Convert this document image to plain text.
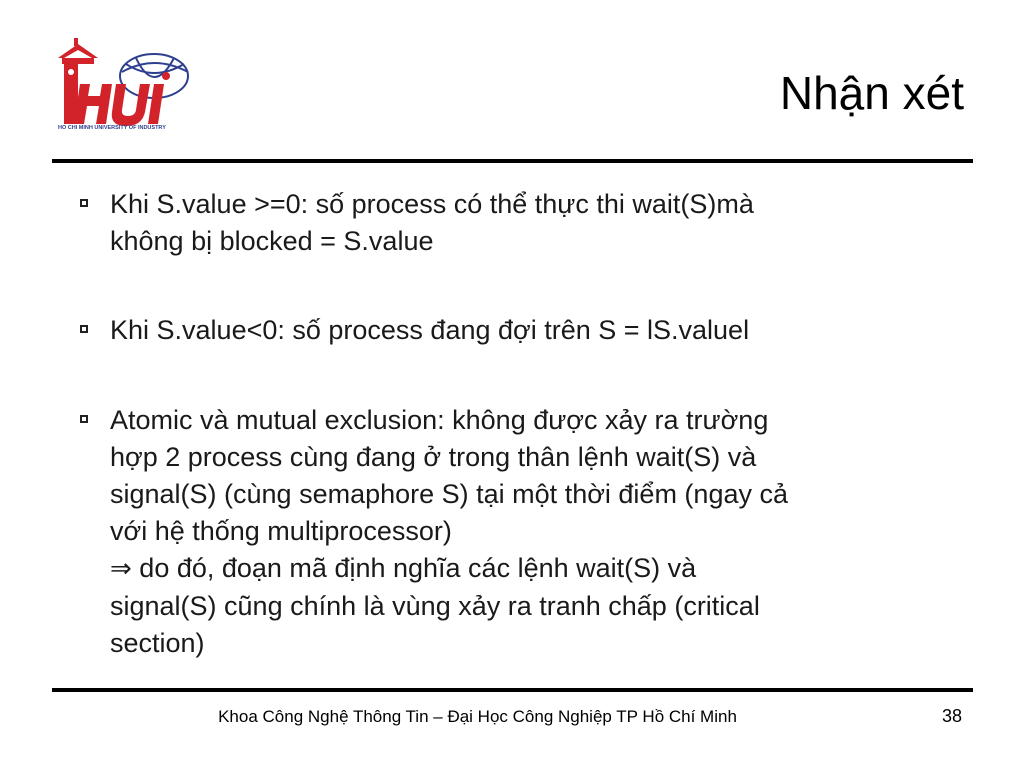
HO CHI MINH UNIVERSITY OF INDUSTRY
Nhận xét
Khi S.value >=0: số process có thể thực thi wait(S)mà
không bị blocked = S.value
Khi S.value<0: số process đang đợi trên S = lS.valuel
Atomic và mutual exclusion: không được xảy ra trường
hợp 2 process cùng đang ở trong thân lệnh wait(S) và
signal(S) (cùng semaphore S) tại một thời điểm (ngay cả
với hệ thống multiprocessor)
⇒ do đó, đoạn mã định nghĩa các lệnh wait(S) và
signal(S) cũng chính là vùng xảy ra tranh chấp (critical
section)
Khoa Công Nghệ Thông Tin – Đại Học Công Nghiệp TP Hồ Chí Minh	38
